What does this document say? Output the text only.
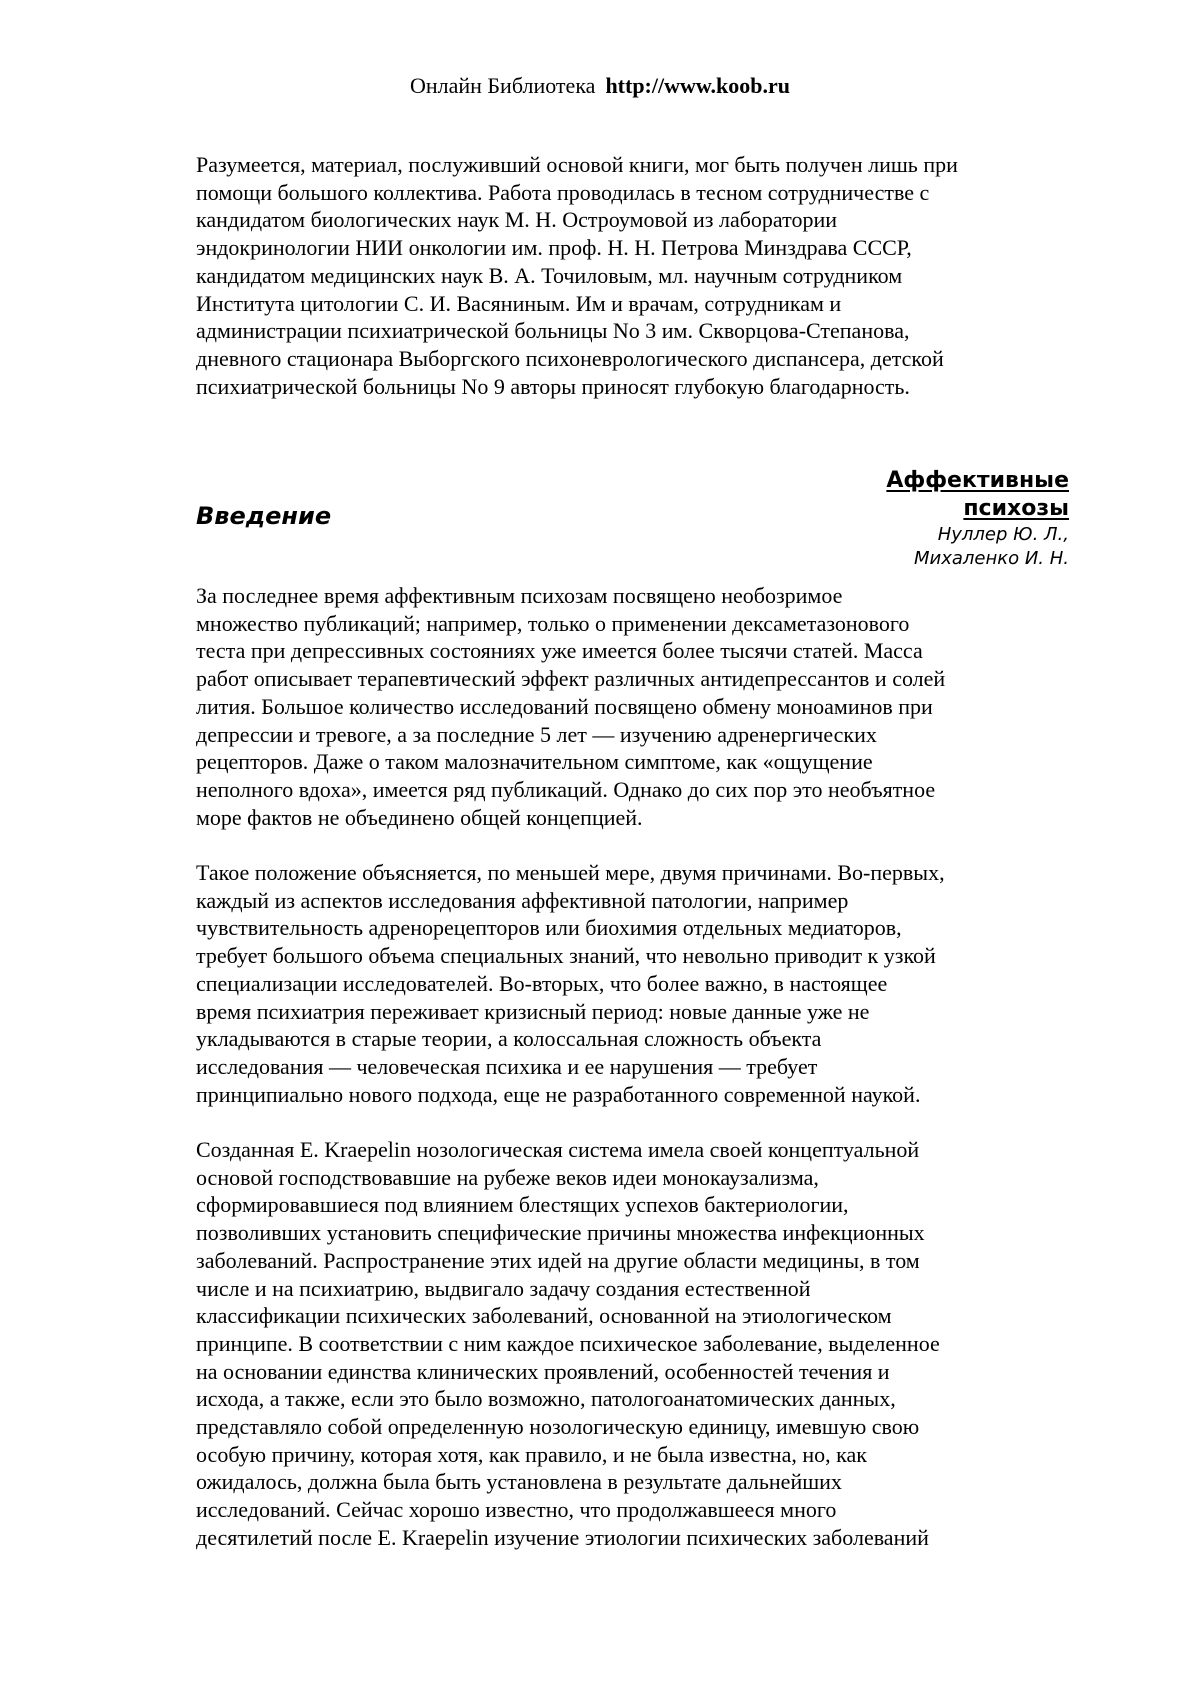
Онлайн Библиотека http://www.koob.ru

Разумеется, материал, послуживший основой книги, мог быть получен лишь при
помощи большого коллектива. Работа проводилась в тесном сотрудничестве с
кандидатом биологических наук М. Н. Остроумовой из лаборатории
эндокринологии НИИ онкологии им. проф. Н. Н. Петрова Минздрава СССР,
кандидатом медицинских наук В. А. Точиловым, мл. научным сотрудником
Института цитологии С. И. Васяниным. Им и врачам, сотрудникам и
администрации психиатрической больницы No 3 им. Скворцова-Степанова,
дневного стационара Выборгского психоневрологического диспансера, детской
психиатрической больницы No 9 авторы приносят глубокую благодарность.

Введение
Аффективные
психозы
Нуллер Ю. Л.,
Михаленко И. Н.

За последнее время аффективным психозам посвящено необозримое
множество публикаций; например, только о применении дексаметазонового
теста при депрессивных состояниях уже имеется более тысячи статей. Масса
работ описывает терапевтический эффект различных антидепрессантов и солей
лития. Большое количество исследований посвящено обмену моноаминов при
депрессии и тревоге, а за последние 5 лет — изучению адренергических
рецепторов. Даже о таком малозначительном симптоме, как «ощущение
неполного вдоха», имеется ряд публикаций. Однако до сих пор это необъятное
море фактов не объединено общей концепцией.

Такое положение объясняется, по меньшей мере, двумя причинами. Во-первых,
каждый из аспектов исследования аффективной патологии, например
чувствительность адренорецепторов или биохимия отдельных медиаторов,
требует большого объема специальных знаний, что невольно приводит к узкой
специализации исследователей. Во-вторых, что более важно, в настоящее
время психиатрия переживает кризисный период: новые данные уже не
укладываются в старые теории, а колоссальная сложность объекта
исследования — человеческая психика и ее нарушения — требует
принципиально нового подхода, еще не разработанного современной наукой.

Созданная E. Kraepelin нозологическая система имела своей концептуальной
основой господствовавшие на рубеже веков идеи монокаузализма,
сформировавшиеся под влиянием блестящих успехов бактериологии,
позволивших установить специфические причины множества инфекционных
заболеваний. Распространение этих идей на другие области медицины, в том
числе и на психиатрию, выдвигало задачу создания естественной
классификации психических заболеваний, основанной на этиологическом
принципе. В соответствии с ним каждое психическое заболевание, выделенное
на основании единства клинических проявлений, особенностей течения и
исхода, а также, если это было возможно, патологоанатомических данных,
представляло собой определенную нозологическую единицу, имевшую свою
особую причину, которая хотя, как правило, и не была известна, но, как
ожидалось, должна была быть установлена в результате дальнейших
исследований. Сейчас хорошо известно, что продолжавшееся много
десятилетий после E. Kraepelin изучение этиологии психических заболеваний
